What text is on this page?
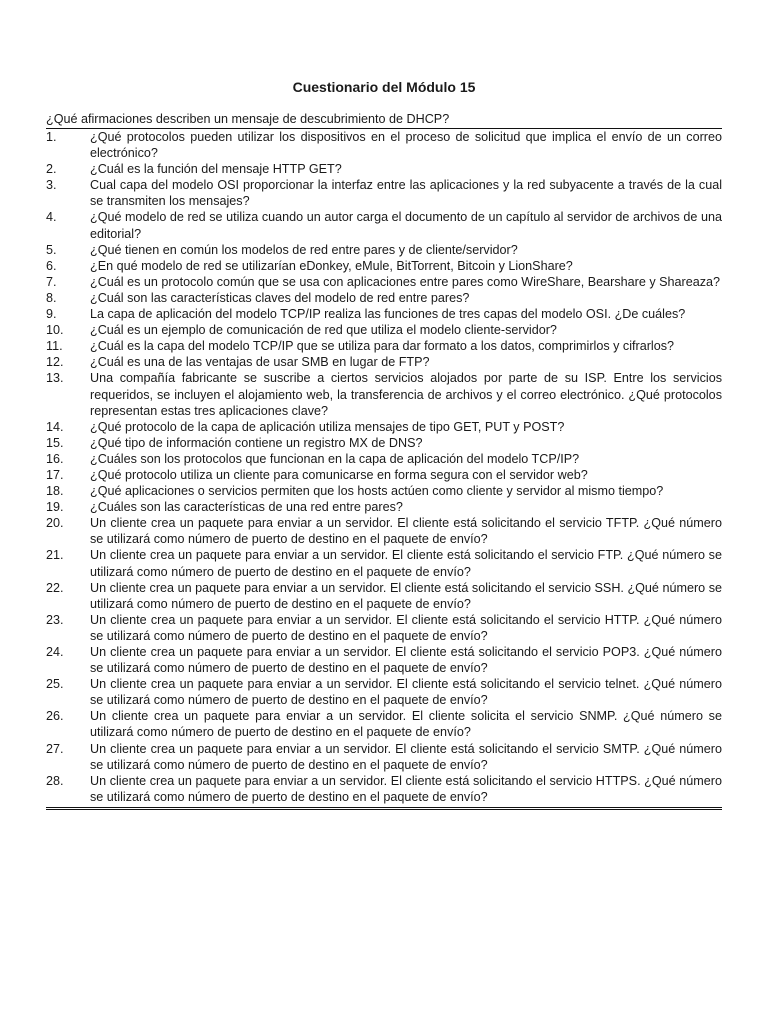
Cuestionario del Módulo 15
¿Qué afirmaciones describen un mensaje de descubrimiento de DHCP?
1.	¿Qué protocolos pueden utilizar los dispositivos en el proceso de solicitud que implica el envío de un correo electrónico?
2.	¿Cuál es la función del mensaje HTTP GET?
3.	Cual capa del modelo OSI proporcionar la interfaz entre las aplicaciones y la red subyacente a través de la cual se transmiten los mensajes?
4.	¿Qué modelo de red se utiliza cuando un autor carga el documento de un capítulo al servidor de archivos de una editorial?
5.	¿Qué tienen en común los modelos de red entre pares y de cliente/servidor?
6.	¿En qué modelo de red se utilizarían eDonkey, eMule, BitTorrent, Bitcoin y LionShare?
7.	¿Cuál es un protocolo común que se usa con aplicaciones entre pares como WireShare, Bearshare y Shareaza?
8.	¿Cuál son las características claves del modelo de red entre pares?
9.	La capa de aplicación del modelo TCP/IP realiza las funciones de tres capas del modelo OSI. ¿De cuáles?
10.	¿Cuál es un ejemplo de comunicación de red que utiliza el modelo cliente-servidor?
11.	¿Cuál es la capa del modelo TCP/IP que se utiliza para dar formato a los datos, comprimirlos y cifrarlos?
12.	¿Cuál es una de las ventajas de usar SMB en lugar de FTP?
13.	Una compañía fabricante se suscribe a ciertos servicios alojados por parte de su ISP. Entre los servicios requeridos, se incluyen el alojamiento web, la transferencia de archivos y el correo electrónico. ¿Qué protocolos representan estas tres aplicaciones clave?
14.	¿Qué protocolo de la capa de aplicación utiliza mensajes de tipo GET, PUT y POST?
15.	¿Qué tipo de información contiene un registro MX de DNS?
16.	¿Cuáles son los protocolos que funcionan en la capa de aplicación del modelo TCP/IP?
17.	¿Qué protocolo utiliza un cliente para comunicarse en forma segura con el servidor web?
18.	¿Qué aplicaciones o servicios permiten que los hosts actúen como cliente y servidor al mismo tiempo?
19.	¿Cuáles son las características de una red entre pares?
20.	Un cliente crea un paquete para enviar a un servidor. El cliente está solicitando el servicio TFTP. ¿Qué número se utilizará como número de puerto de destino en el paquete de envío?
21.	Un cliente crea un paquete para enviar a un servidor. El cliente está solicitando el servicio FTP. ¿Qué número se utilizará como número de puerto de destino en el paquete de envío?
22.	Un cliente crea un paquete para enviar a un servidor. El cliente está solicitando el servicio SSH. ¿Qué número se utilizará como número de puerto de destino en el paquete de envío?
23.	Un cliente crea un paquete para enviar a un servidor. El cliente está solicitando el servicio HTTP. ¿Qué número se utilizará como número de puerto de destino en el paquete de envío?
24.	Un cliente crea un paquete para enviar a un servidor. El cliente está solicitando el servicio POP3. ¿Qué número se utilizará como número de puerto de destino en el paquete de envío?
25.	Un cliente crea un paquete para enviar a un servidor. El cliente está solicitando el servicio telnet. ¿Qué número se utilizará como número de puerto de destino en el paquete de envío?
26.	Un cliente crea un paquete para enviar a un servidor. El cliente solicita el servicio SNMP. ¿Qué número se utilizará como número de puerto de destino en el paquete de envío?
27.	Un cliente crea un paquete para enviar a un servidor. El cliente está solicitando el servicio SMTP. ¿Qué número se utilizará como número de puerto de destino en el paquete de envío?
28.	Un cliente crea un paquete para enviar a un servidor. El cliente está solicitando el servicio HTTPS. ¿Qué número se utilizará como número de puerto de destino en el paquete de envío?
